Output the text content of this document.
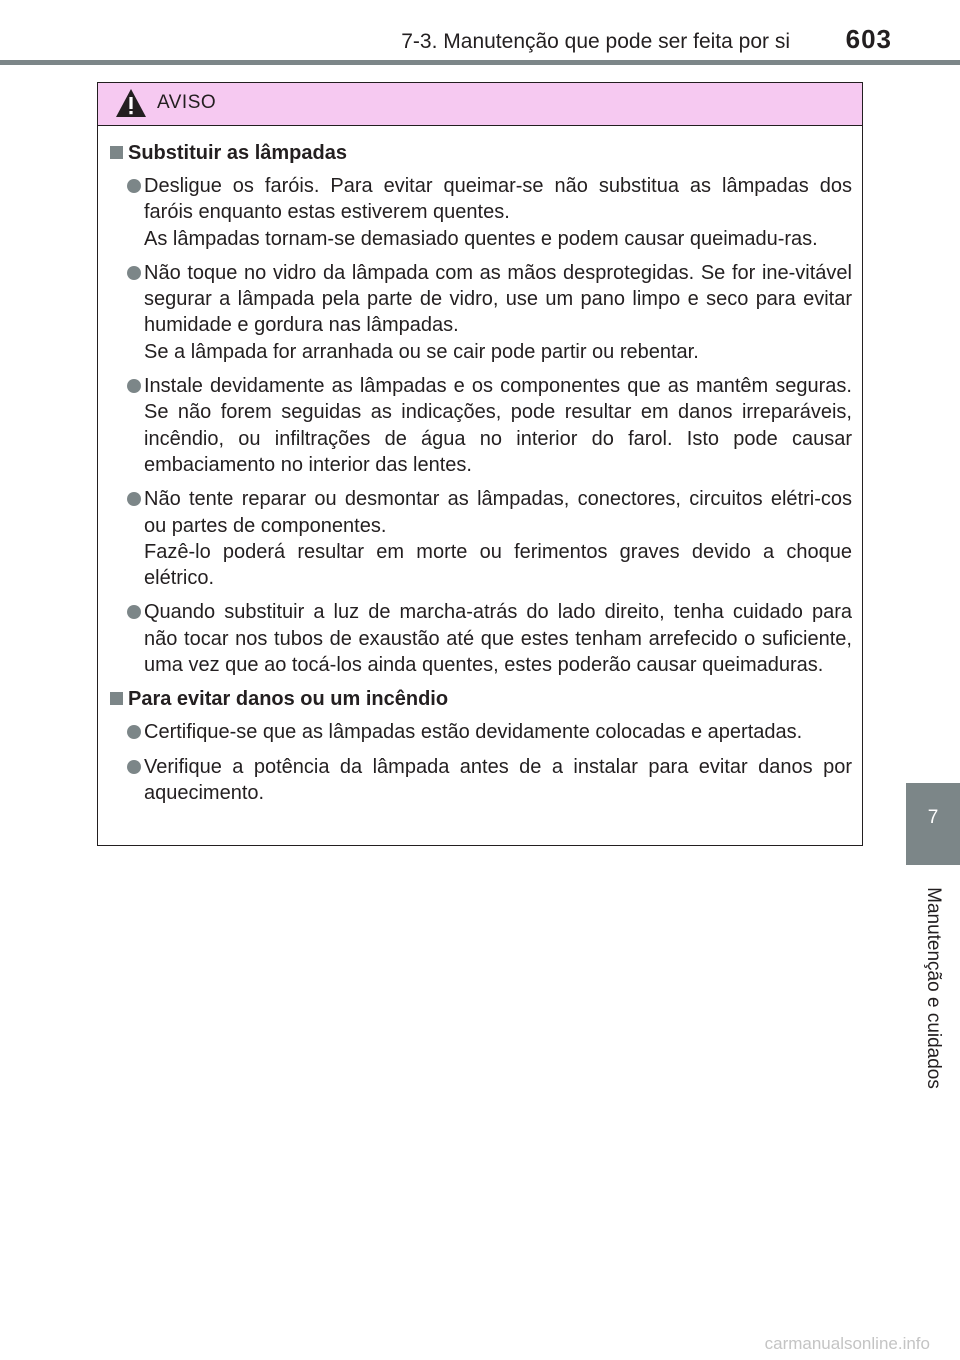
7-3. Manutenção que pode ser feita por si 603
7
Manutenção e cuidados
AVISO
Substituir as lâmpadas
Desligue os faróis. Para evitar queimar-se não substitua as lâmpadas dos faróis enquanto estas estiverem quentes.
As lâmpadas tornam-se demasiado quentes e podem causar queimadu-ras.
Não toque no vidro da lâmpada com as mãos desprotegidas. Se for ine-vitável segurar a lâmpada pela parte de vidro, use um pano limpo e seco para evitar humidade e gordura nas lâmpadas.
Se a lâmpada for arranhada ou se cair pode partir ou rebentar.
Instale devidamente as lâmpadas e os componentes que as mantêm seguras. Se não forem seguidas as indicações, pode resultar em danos irreparáveis, incêndio, ou infiltrações de água no interior do farol. Isto pode causar embaciamento no interior das lentes.
Não tente reparar ou desmontar as lâmpadas, conectores, circuitos elétri-cos ou partes de componentes.
Fazê-lo poderá resultar em morte ou ferimentos graves devido a choque elétrico.
Quando substituir a luz de marcha-atrás do lado direito, tenha cuidado para não tocar nos tubos de exaustão até que estes tenham arrefecido o suficiente, uma vez que ao tocá-los ainda quentes, estes poderão causar queimaduras.
Para evitar danos ou um incêndio
Certifique-se que as lâmpadas estão devidamente colocadas e apertadas.
Verifique a potência da lâmpada antes de a instalar para evitar danos por aquecimento.
carmanualsonline.info
